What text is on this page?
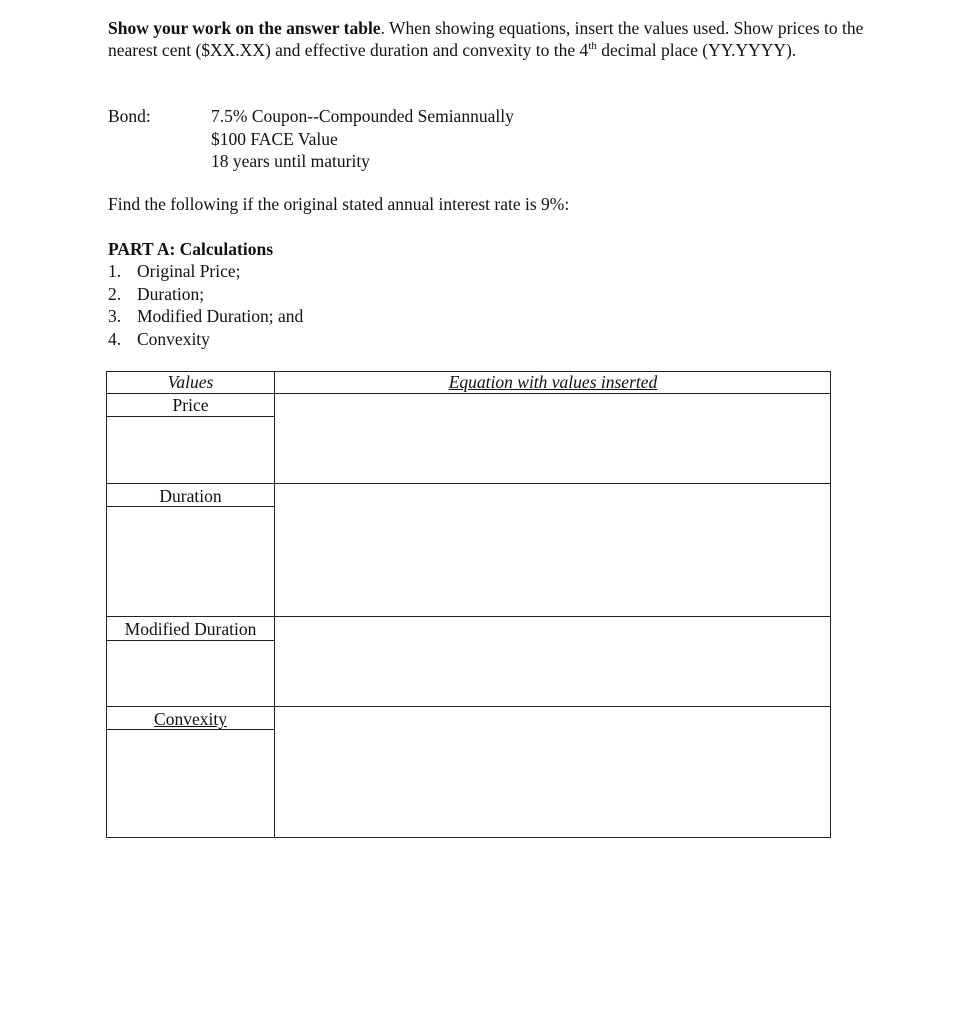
Show your work on the answer table. When showing equations, insert the values used. Show prices to the nearest cent ($XX.XX) and effective duration and convexity to the 4th decimal place (YY.YYYY).
Bond:	7.5% Coupon--Compounded Semiannually
$100 FACE Value
18 years until maturity
Find the following if the original stated annual interest rate is 9%:
PART A: Calculations
1. Original Price;
2. Duration;
3. Modified Duration; and
4. Convexity
Values	Equation with values inserted
Price
Duration
Modified Duration
Convexity
